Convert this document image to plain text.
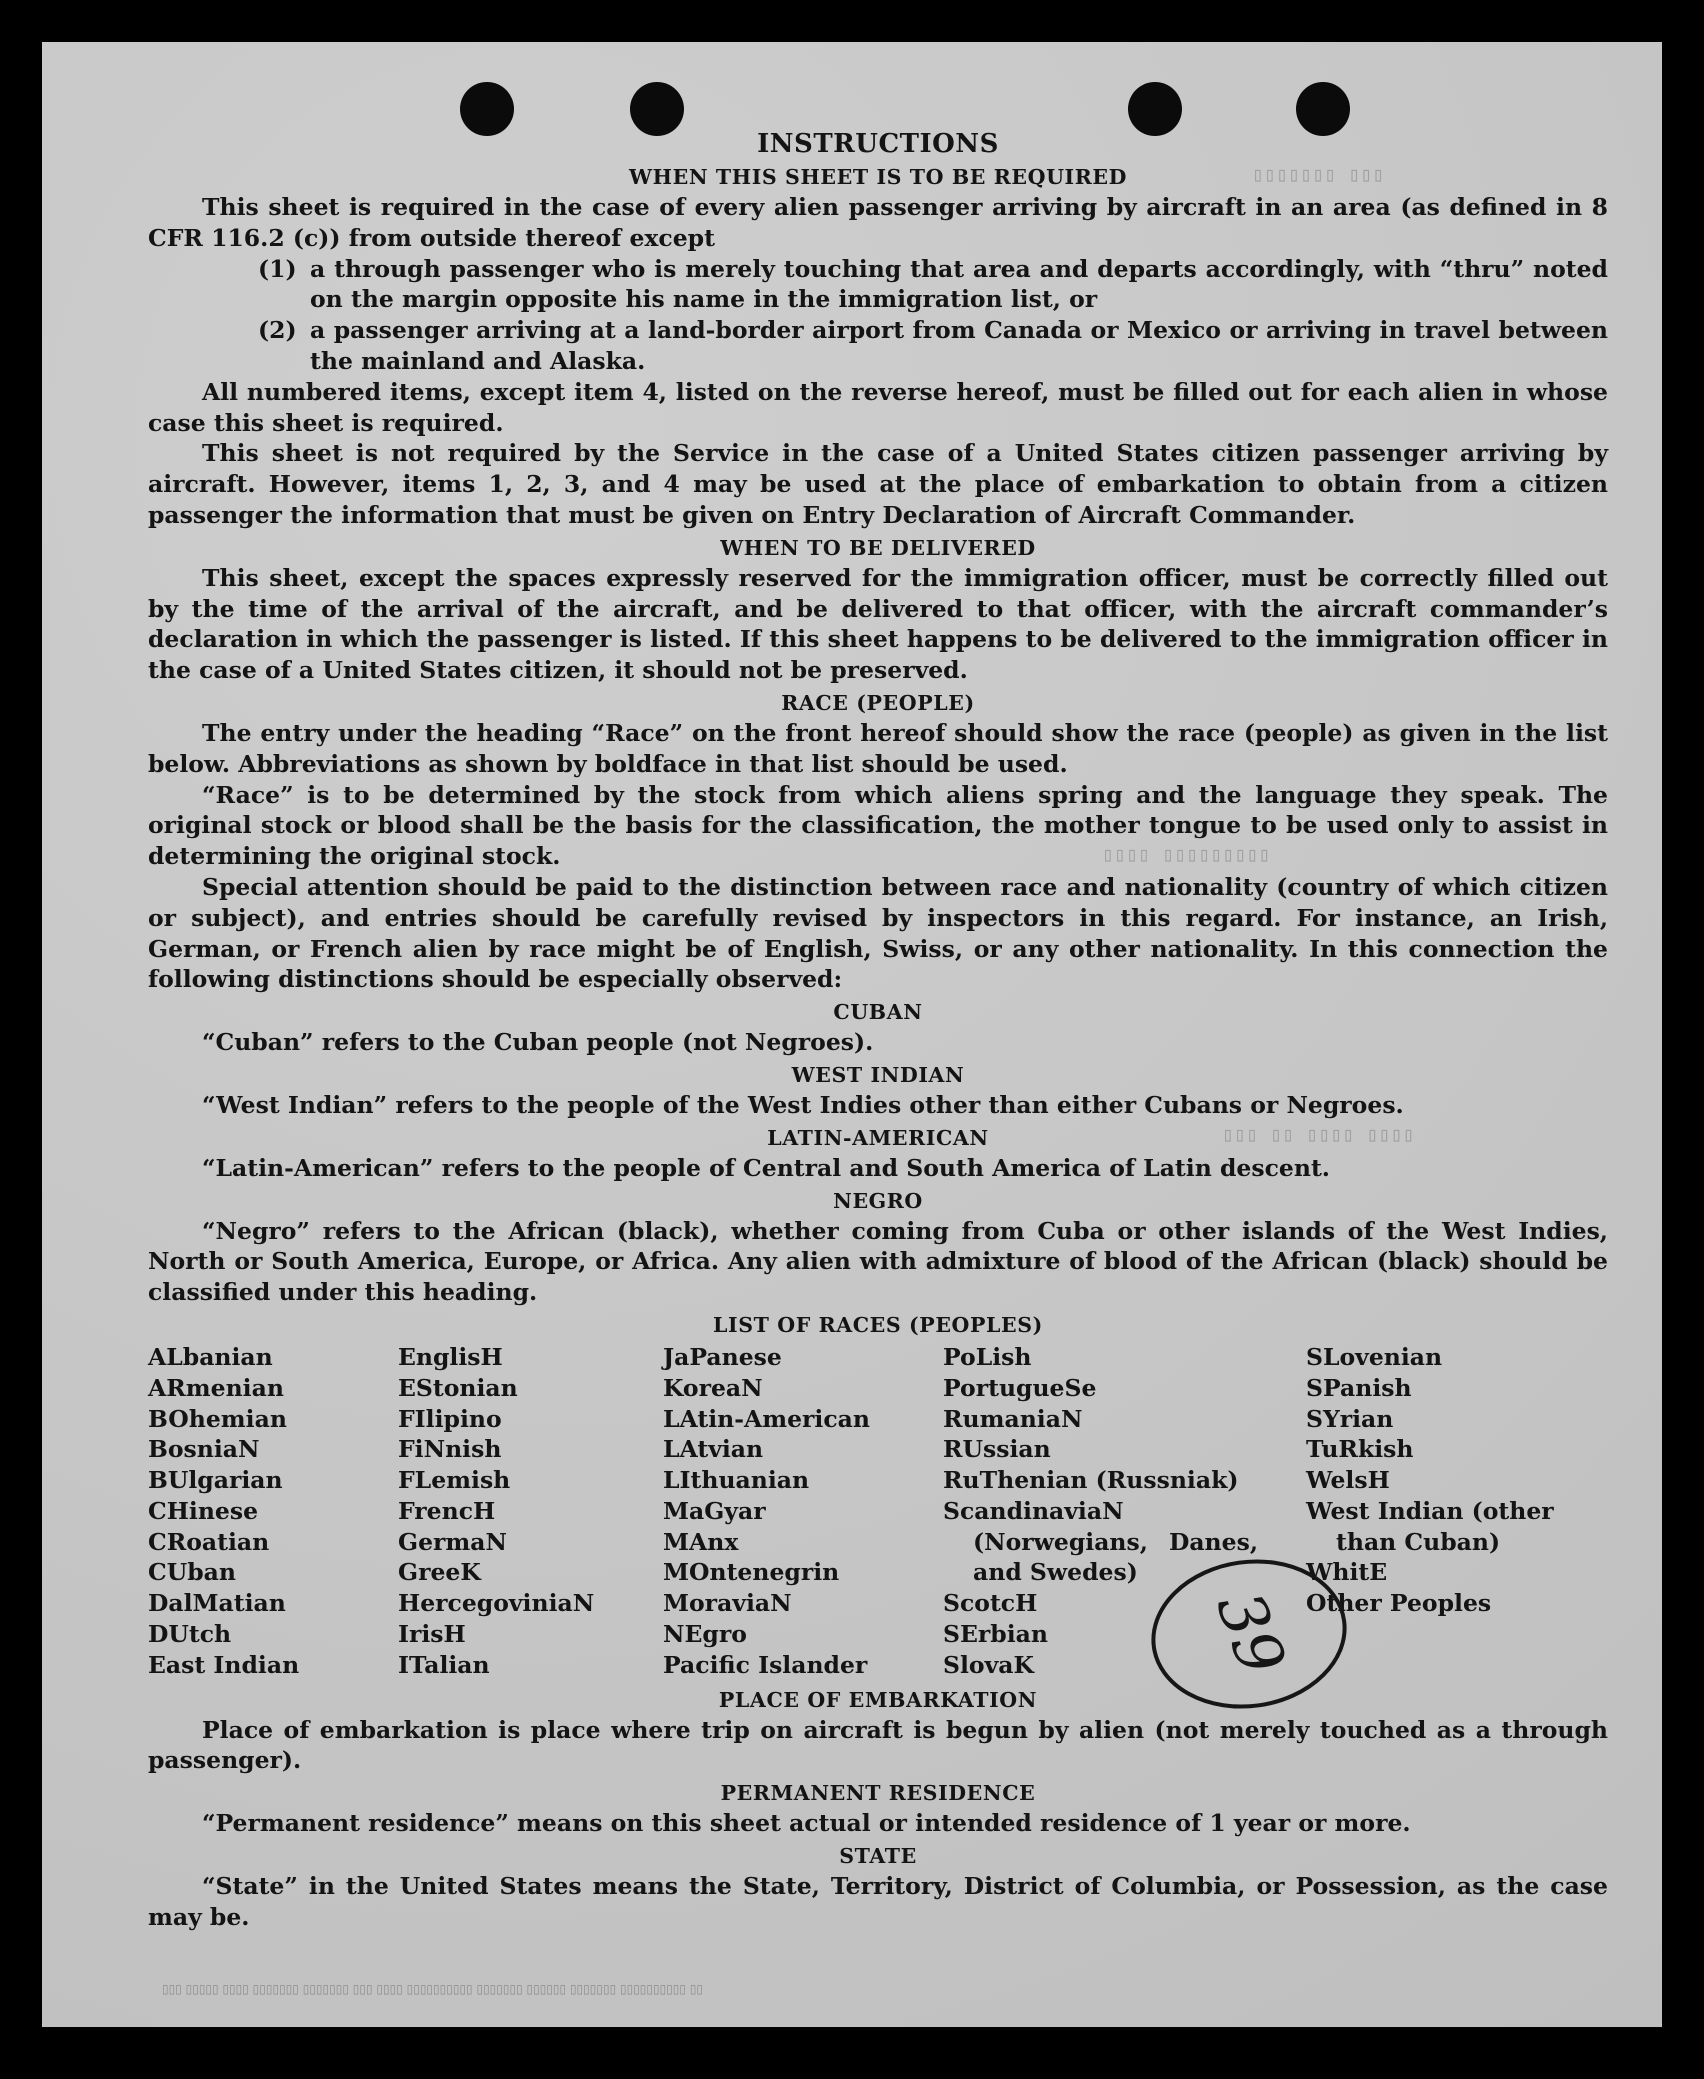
▯▯▯▯▯▯▯ ▯▯▯
▯▯▯▯ ▯▯▯▯▯▯▯▯▯
▯▯▯ ▯▯ ▯▯▯▯ ▯▯▯▯
INSTRUCTIONS
WHEN THIS SHEET IS TO BE REQUIRED

This sheet is required in the case of every alien passenger arriving by aircraft in an area (as defined in 8 CFR 116.2 (c)) from outside thereof except

(1) a through passenger who is merely touching that area and departs accordingly, with “thru” noted on the margin opposite his name in the immigration list, or
(2) a passenger arriving at a land-border airport from Canada or Mexico or arriving in travel between the mainland and Alaska.

All numbered items, except item 4, listed on the reverse hereof, must be filled out for each alien in whose case this sheet is required.

This sheet is not required by the Service in the case of a United States citizen passenger arriving by aircraft. However, items 1, 2, 3, and 4 may be used at the place of embarkation to obtain from a citizen passenger the information that must be given on Entry Declaration of Aircraft Commander.

WHEN TO BE DELIVERED

This sheet, except the spaces expressly reserved for the immigration officer, must be correctly filled out by the time of the arrival of the aircraft, and be delivered to that officer, with the aircraft commander’s declaration in which the passenger is listed. If this sheet happens to be delivered to the immigration officer in the case of a United States citizen, it should not be preserved.

RACE (PEOPLE)

The entry under the heading “Race” on the front hereof should show the race (people) as given in the list below. Abbreviations as shown by boldface in that list should be used.

“Race” is to be determined by the stock from which aliens spring and the language they speak. The original stock or blood shall be the basis for the classification, the mother tongue to be used only to assist in determining the original stock.

Special attention should be paid to the distinction between race and nationality (country of which citizen or subject), and entries should be carefully revised by inspectors in this regard. For instance, an Irish, German, or French alien by race might be of English, Swiss, or any other nationality. In this connection the following distinctions should be especially observed:

CUBAN

“Cuban” refers to the Cuban people (not Negroes).

WEST INDIAN

“West Indian” refers to the people of the West Indies other than either Cubans or Negroes.

LATIN-AMERICAN

“Latin-American” refers to the people of Central and South America of Latin descent.

NEGRO

“Negro” refers to the African (black), whether coming from Cuba or other islands of the West Indies, North or South America, Europe, or Africa. Any alien with admixture of blood of the African (black) should be classified under this heading.

LIST OF RACES (PEOPLES)
ALbanian
ARmenian
BOhemian
BosniaN
BUlgarian
CHinese
CRoatian
CUban
DalMatian
DUtch
East Indian
EnglisH
EStonian
FIlipino
FiNnish
FLemish
FrencH
GermaN
GreeK
HercegoviniaN
IrisH
ITalian
JaPanese
KoreaN
LAtin-American
LAtvian
LIthuanian
MaGyar
MAnx
MOntenegrin
MoraviaN
NEgro
Pacific Islander
PoLish
PortugueSe
RumaniaN
RUssian
RuThenian (Russniak)
ScandinaviaN (Norwegians, Danes, and Swedes)
ScotcH
SErbian
SlovaK
SLovenian
SPanish
SYrian
TuRkish
WelsH
West Indian (other than Cuban)
WhitE
Other Peoples
PLACE OF EMBARKATION

Place of embarkation is place where trip on aircraft is begun by alien (not merely touched as a through passenger).

PERMANENT RESIDENCE

“Permanent residence” means on this sheet actual or intended residence of 1 year or more.

STATE

“State” in the United States means the State, Territory, District of Columbia, or Possession, as the case may be.

39
▯▯▯ ▯▯▯▯▯ ▯▯▯▯ ▯▯▯▯▯▯▯ ▯▯▯▯▯▯▯ ▯▯▯ ▯▯▯▯ ▯▯▯▯▯▯▯▯▯▯ ▯▯▯▯▯▯▯ ▯▯▯▯▯▯ ▯▯▯▯▯▯▯ ▯▯▯▯▯▯▯▯▯▯ ▯▯
